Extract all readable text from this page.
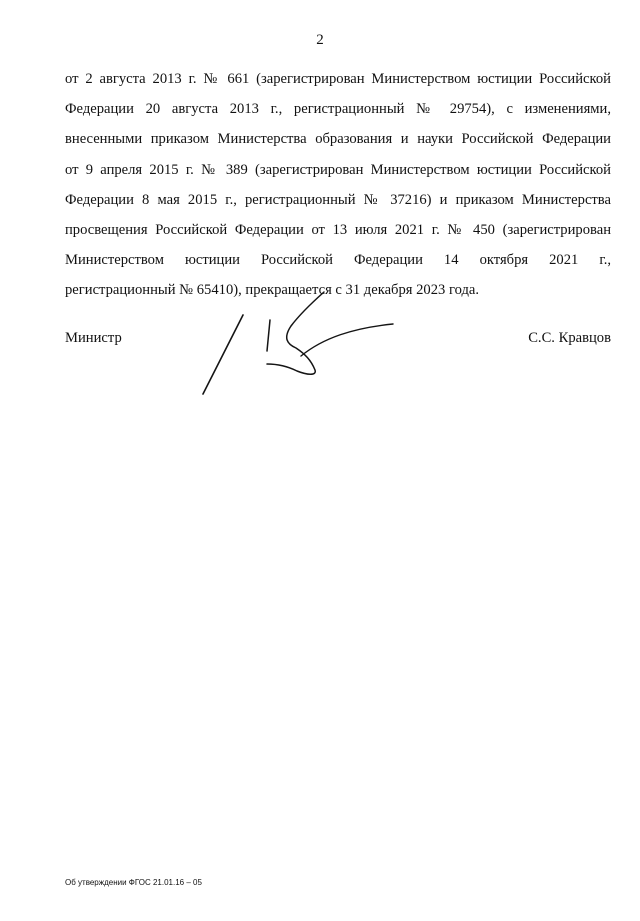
2
от 2 августа 2013 г. № 661 (зарегистрирован Министерством юстиции Российской
Федерации 20 августа 2013 г., регистрационный № 29754), с изменениями,
внесенными приказом Министерства образования и науки Российской Федерации
от 9 апреля 2015 г. № 389 (зарегистрирован Министерством юстиции Российской
Федерации 8 мая 2015 г., регистрационный № 37216) и приказом Министерства
просвещения Российской Федерации от 13 июля 2021 г. № 450 (зарегистрирован
Министерством юстиции Российской Федерации 14 октября 2021 г.,
регистрационный № 65410), прекращается с 31 декабря 2023 года.
Министр	С.С. Кравцов
Об утверждении ФГОС 21.01.16 – 05
